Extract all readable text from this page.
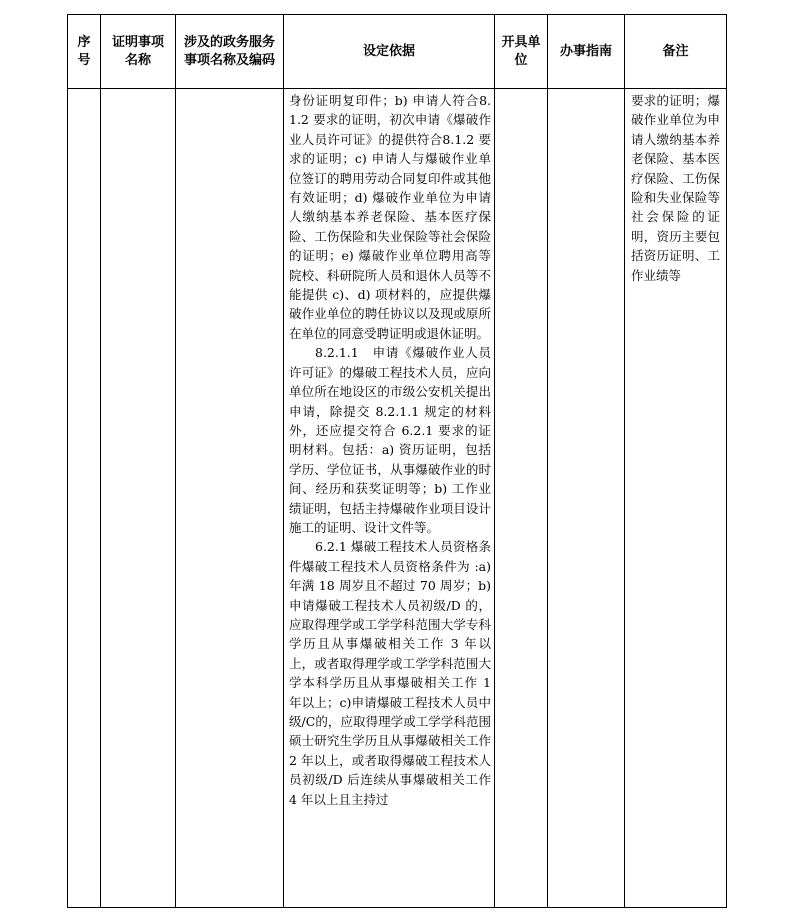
序号	证明事项名称	涉及的政务服务事项名称及编码	设定依据	开具单位	办事指南	备注

			身份证明复印件；b) 申请人符合8.1.2 要求的证明，初次申请《爆破作业人员许可证》的提供符合8.1.2 要求的证明；c) 申请人与爆破作业单位签订的聘用劳动合同复印件或其他有效证明；d) 爆破作业单位为申请人缴纳基本养老保险、基本医疗保险、工伤保险和失业保险等社会保险的证明；e) 爆破作业单位聘用高等院校、科研院所人员和退休人员等不能提供 c)、d) 项材料的，应提供爆破作业单位的聘任协议以及现或原所在单位的同意受聘证明或退休证明。

8.2.1.1　申请《爆破作业人员许可证》的爆破工程技术人员，应向单位所在地设区的市级公安机关提出申请，除提交 8.2.1.1 规定的材料外，还应提交符合 6.2.1 要求的证明材料。包括：a) 资历证明，包括学历、学位证书，从事爆破作业的时间、经历和获奖证明等；b) 工作业绩证明，包括主持爆破作业项目设计施工的证明、设计文件等。

6.2.1 爆破工程技术人员资格条件爆破工程技术人员资格条件为 :a)年满 18 周岁且不超过 70 周岁；b)申请爆破工程技术人员初级/D 的，应取得理学或工学学科范围大学专科学历且从事爆破相关工作 3 年以上，或者取得理学或工学学科范围大学本科学历且从事爆破相关工作 1 年以上；c)申请爆破工程技术人员中级/C的，应取得理学或工学学科范围硕士研究生学历且从事爆破相关工作 2 年以上，或者取得爆破工程技术人员初级/D 后连续从事爆破相关工作 4 年以上且主持过			要求的证明；爆破作业单位为申请人缴纳基本养老保险、基本医疗保险、工伤保险和失业保险等社会保险的证明，资历主要包括资历证明、工作业绩等
